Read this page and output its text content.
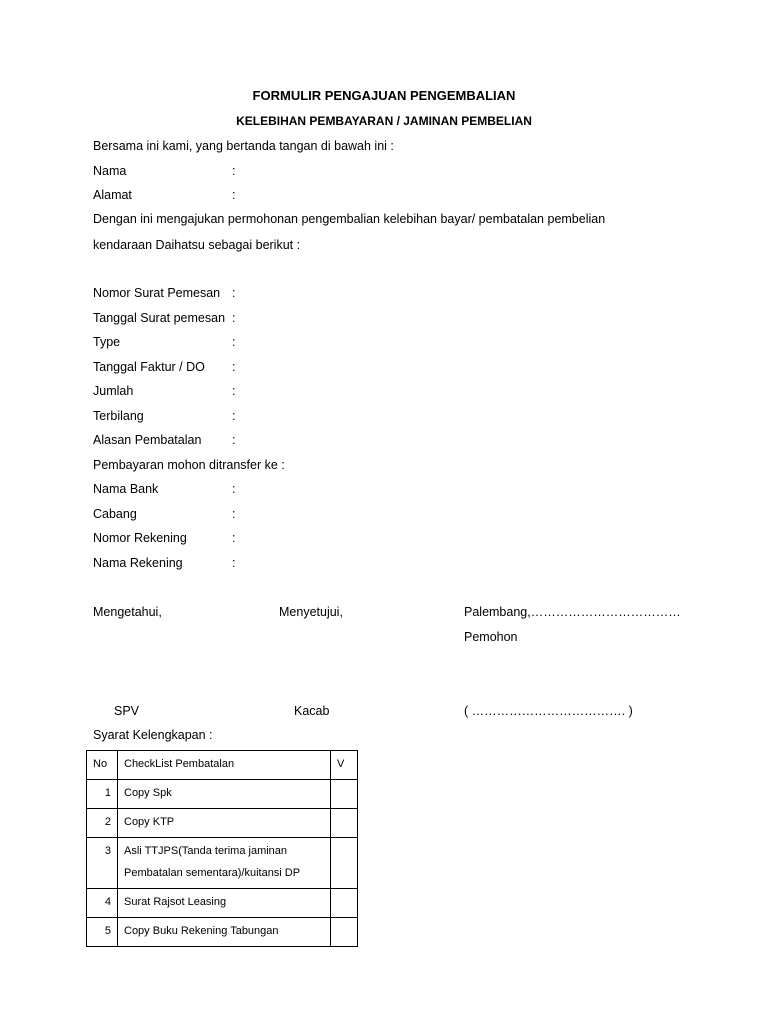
FORMULIR PENGAJUAN PENGEMBALIAN
KELEBIHAN PEMBAYARAN / JAMINAN PEMBELIAN
Bersama ini kami, yang bertanda tangan di bawah ini :
Nama	:
Alamat	:
Dengan ini mengajukan permohonan pengembalian kelebihan bayar/ pembatalan pembelian
kendaraan Daihatsu sebagai berikut :
Nomor Surat Pemesan :
Tanggal Surat pemesan :
Type	:
Tanggal Faktur / DO :
Jumlah	:
Terbilang	:
Alasan Pembatalan :
Pembayaran mohon ditransfer ke :
Nama Bank	:
Cabang	:
Nomor Rekening	:
Nama Rekening	:
Mengetahui,	Menyetujui,	Palembang,………………………………
Pemohon
SPV	Kacab	( ………………………………. )
Syarat Kelengkapan :
No	CheckList Pembatalan	V
1	Copy Spk	
2	Copy KTP	
3	Asli TTJPS(Tanda terima jaminan
Pembatalan sementara)/kuitansi DP	

4	Surat Rajsot Leasing	
5	Copy Buku Rekening Tabungan	
